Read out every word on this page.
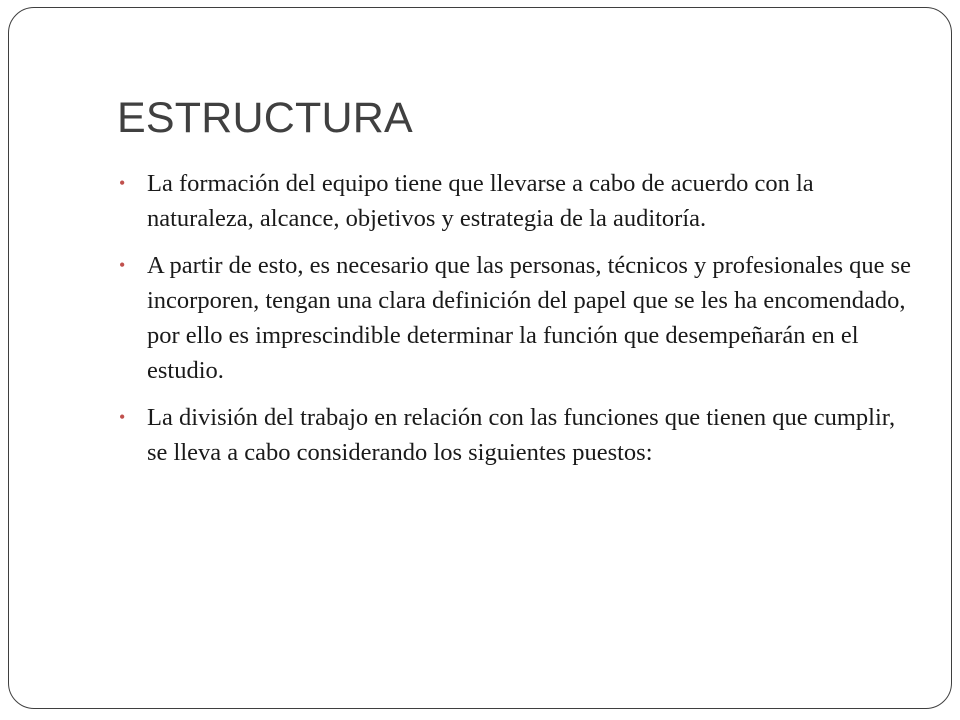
ESTRUCTURA
• La formación del equipo tiene que llevarse a cabo de acuerdo con la naturaleza, alcance, objetivos y estrategia de la auditoría.
• A partir de esto, es necesario que las personas, técnicos y profesionales que se incorporen, tengan una clara definición del papel que se les ha encomendado, por ello es imprescindible determinar la función que desempeñarán en el estudio.
• La división del trabajo en relación con las funciones que tienen que cumplir, se lleva a cabo considerando los siguientes puestos:
